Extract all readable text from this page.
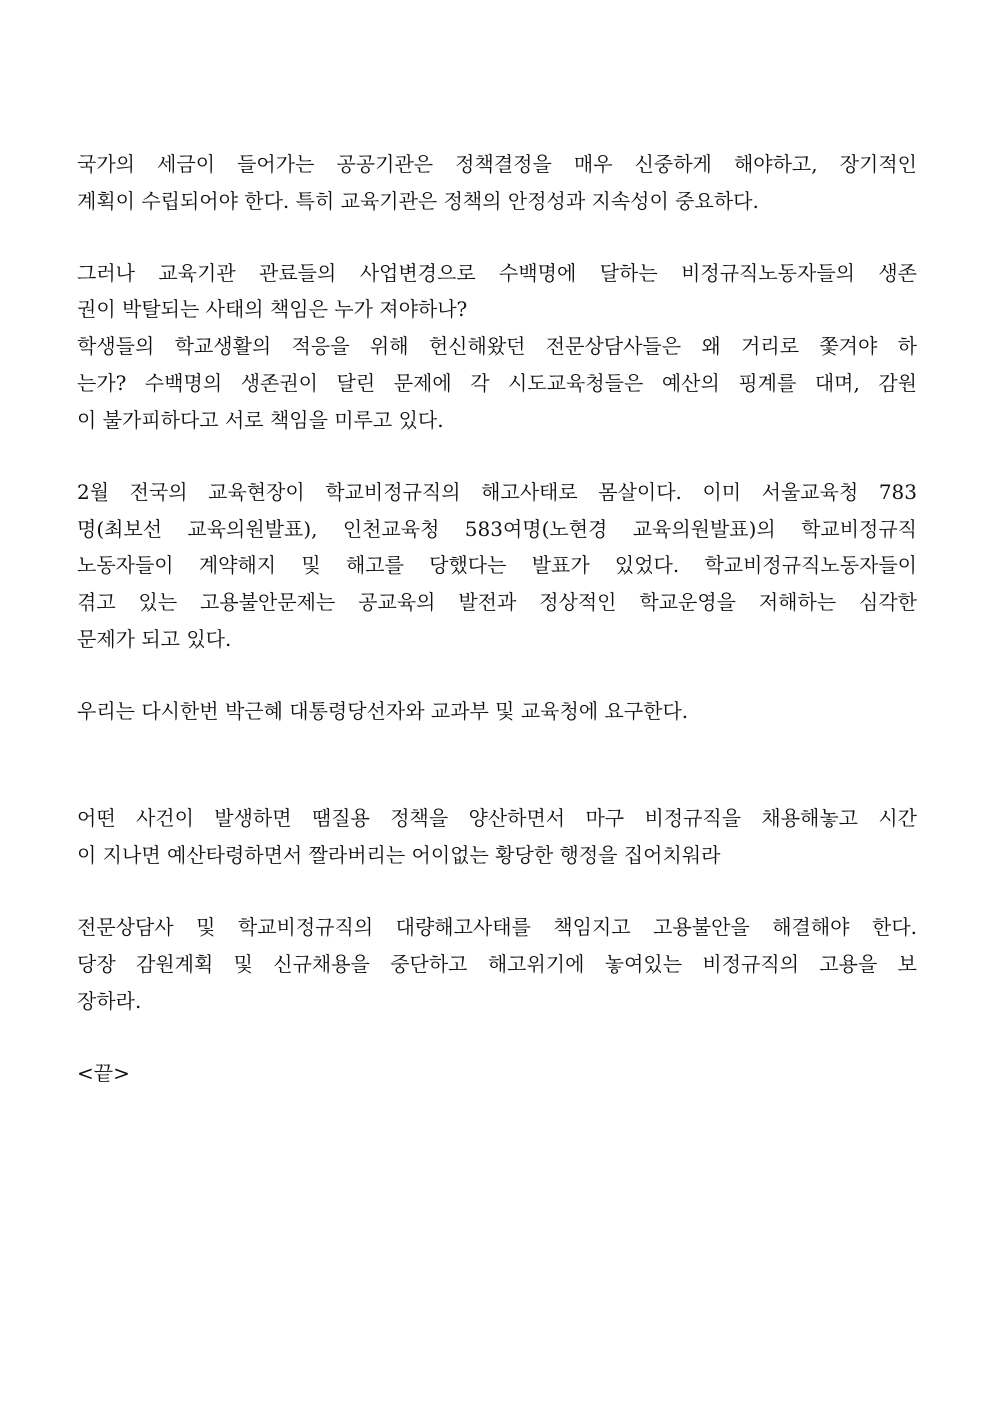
국가의 세금이 들어가는 공공기관은 정책결정을 매우 신중하게 해야하고, 장기적인
계획이 수립되어야 한다. 특히 교육기관은 정책의 안정성과 지속성이 중요하다.
그러나 교육기관 관료들의 사업변경으로 수백명에 달하는 비정규직노동자들의 생존
권이 박탈되는 사태의 책임은 누가 져야하나?
학생들의 학교생활의 적응을 위해 헌신해왔던 전문상담사들은 왜 거리로 쫓겨야 하
는가? 수백명의 생존권이 달린 문제에 각 시도교육청들은 예산의 핑계를 대며, 감원
이 불가피하다고 서로 책임을 미루고 있다.
2월 전국의 교육현장이 학교비정규직의 해고사태로 몸살이다. 이미 서울교육청 783
명(최보선 교육의원발표), 인천교육청 583여명(노현경 교육의원발표)의 학교비정규직
노동자들이 계약해지 및 해고를 당했다는 발표가 있었다. 학교비정규직노동자들이
겪고 있는 고용불안문제는 공교육의 발전과 정상적인 학교운영을 저해하는 심각한
문제가 되고 있다.
우리는 다시한번 박근혜 대통령당선자와 교과부 및 교육청에 요구한다.
어떤 사건이 발생하면 땜질용 정책을 양산하면서 마구 비정규직을 채용해놓고 시간
이 지나면 예산타령하면서 짤라버리는 어이없는 황당한 행정을 집어치워라
전문상담사 및 학교비정규직의 대량해고사태를 책임지고 고용불안을 해결해야 한다.
당장 감원계획 및 신규채용을 중단하고 해고위기에 놓여있는 비정규직의 고용을 보
장하라.
<끝>
